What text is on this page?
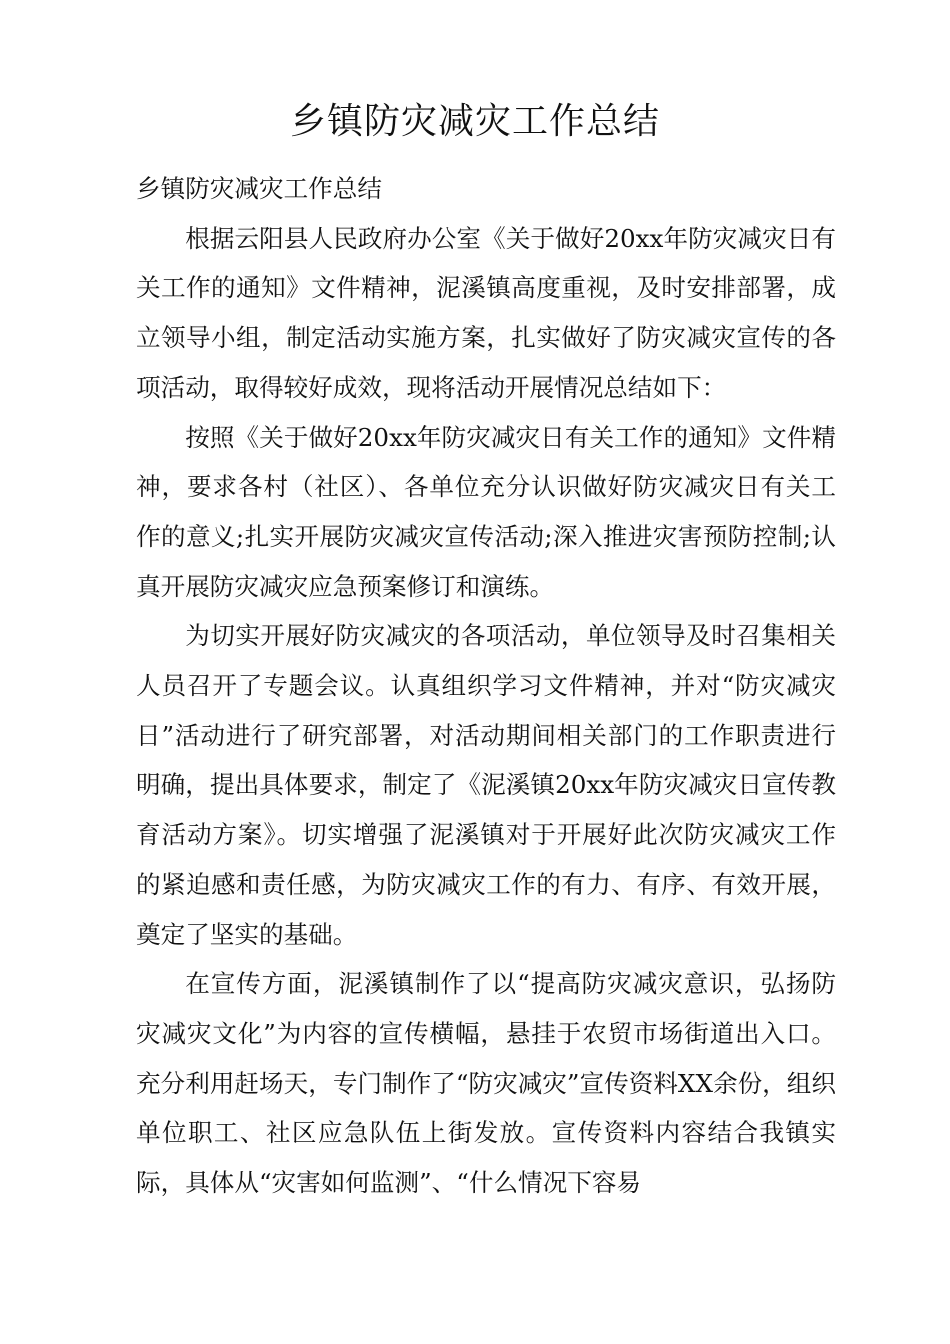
乡镇防灾减灾工作总结

乡镇防灾减灾工作总结

根据云阳县人民政府办公室《关于做好20xx年防灾减灾日有关工作的通知》文件精神，泥溪镇高度重视，及时安排部署，成立领导小组，制定活动实施方案，扎实做好了防灾减灾宣传的各项活动，取得较好成效，现将活动开展情况总结如下：

按照《关于做好20xx年防灾减灾日有关工作的通知》文件精神，要求各村（社区）、各单位充分认识做好防灾减灾日有关工作的意义;扎实开展防灾减灾宣传活动;深入推进灾害预防控制;认真开展防灾减灾应急预案修订和演练。

为切实开展好防灾减灾的各项活动，单位领导及时召集相关人员召开了专题会议。认真组织学习文件精神，并对“防灾减灾日”活动进行了研究部署，对活动期间相关部门的工作职责进行明确，提出具体要求，制定了《泥溪镇20xx年防灾减灾日宣传教育活动方案》。切实增强了泥溪镇对于开展好此次防灾减灾工作的紧迫感和责任感，为防灾减灾工作的有力、有序、有效开展，奠定了坚实的基础。

在宣传方面，泥溪镇制作了以“提高防灾减灾意识，弘扬防灾减灾文化”为内容的宣传横幅，悬挂于农贸市场街道出入口。充分利用赶场天，专门制作了“防灾减灾”宣传资料XX余份，组织单位职工、社区应急队伍上街发放。宣传资料内容结合我镇实际，具体从“灾害如何监测”、“什么情况下容易
